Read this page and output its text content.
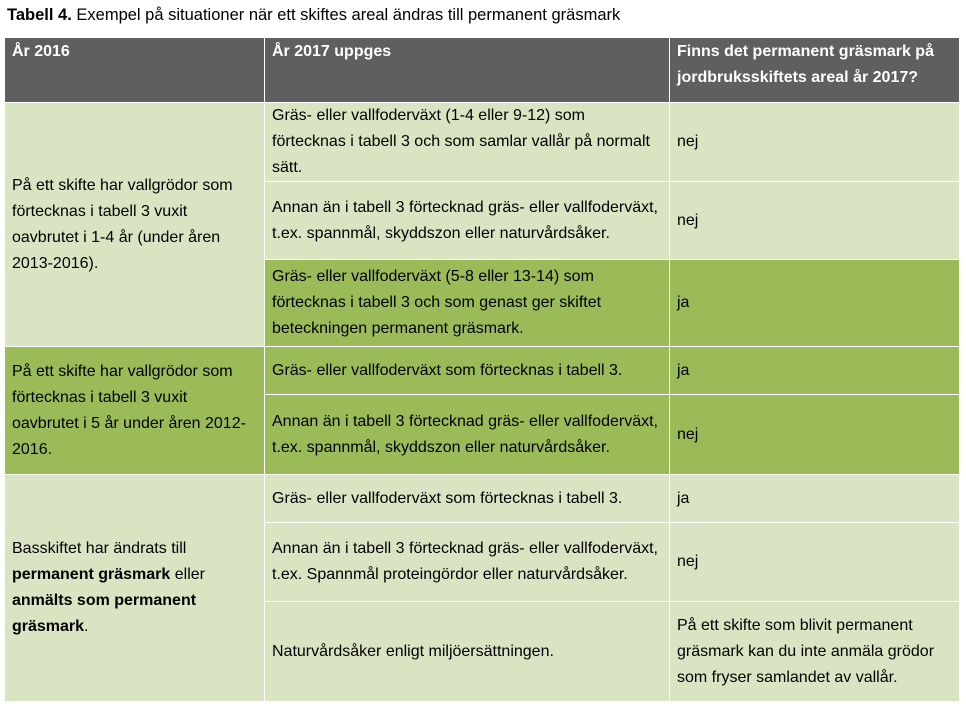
Tabell 4. Exempel på situationer när ett skiftes areal ändras till permanent gräsmark
År 2016	År 2017 uppges	Finns det permanent gräsmark på jordbruksskiftets areal år 2017?
På ett skifte har vallgrödor som förtecknas i tabell 3 vuxit oavbrutet i 1-4 år (under åren 2013-2016).	Gräs- eller vallfoderväxt (1-4 eller 9-12) som förtecknas i tabell 3 och som samlar vallår på normalt sätt.	nej
	Annan än i tabell 3 förtecknad gräs- eller vallfoderväxt, t.ex. spannmål, skyddszon eller naturvårdsåker.	nej
	Gräs- eller vallfoderväxt (5-8 eller 13-14) som förtecknas i tabell 3 och som genast ger skiftet beteckningen permanent gräsmark.	ja
På ett skifte har vallgrödor som förtecknas i tabell 3 vuxit oavbrutet i 5 år under åren 2012-2016.	Gräs- eller vallfoderväxt som förtecknas i tabell 3.	ja
	Annan än i tabell 3 förtecknad gräs- eller vallfoderväxt, t.ex. spannmål, skyddszon eller naturvårdsåker.	nej
Basskiftet har ändrats till permanent gräsmark eller anmälts som permanent gräsmark.	Gräs- eller vallfoderväxt som förtecknas i tabell 3.	ja
	Annan än i tabell 3 förtecknad gräs- eller vallfoderväxt, t.ex. Spannmål proteingördor eller naturvårdsåker.	nej
	Naturvårdsåker enligt miljöersättningen.	På ett skifte som blivit permanent gräsmark kan du inte anmäla grödor som fryser samlandet av vallår.
